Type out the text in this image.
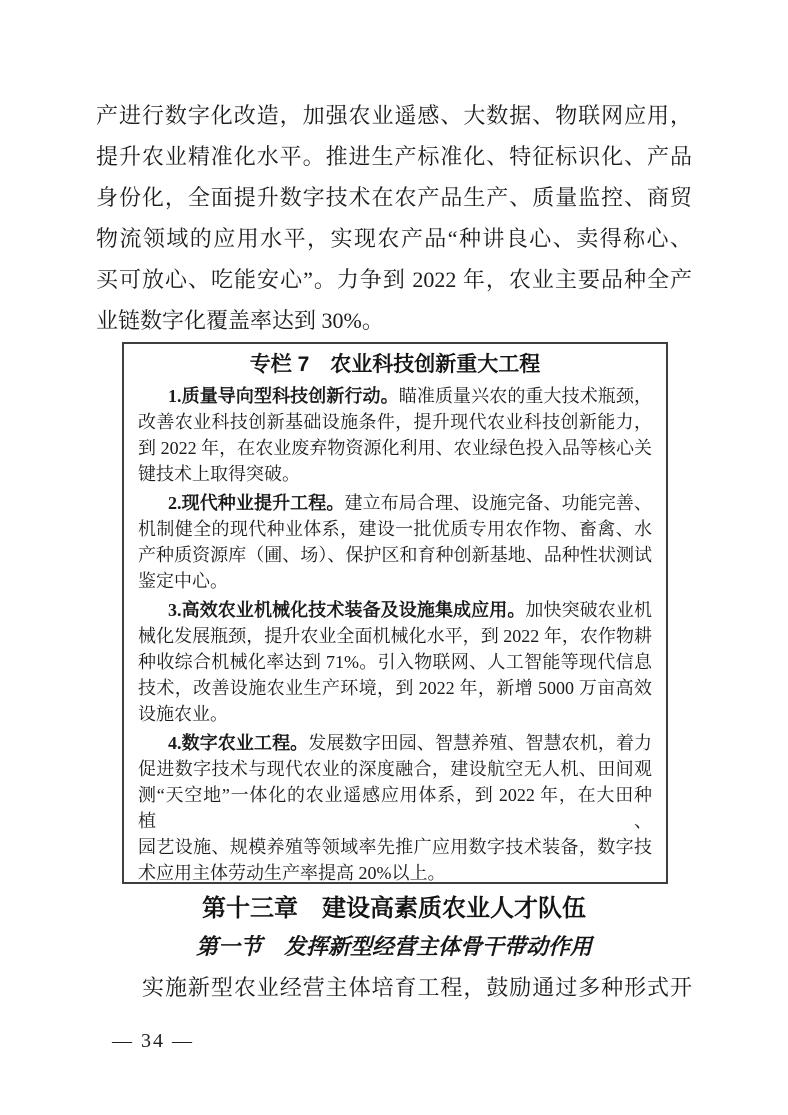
产进行数字化改造，加强农业遥感、大数据、物联网应用，
提升农业精准化水平。推进生产标准化、特征标识化、产品
身份化，全面提升数字技术在农产品生产、质量监控、商贸
物流领域的应用水平，实现农产品“种讲良心、卖得称心、
买可放心、吃能安心”。力争到 2022 年，农业主要品种全产
业链数字化覆盖率达到 30%。
专栏 7　农业科技创新重大工程
1.质量导向型科技创新行动。瞄准质量兴农的重大技术瓶颈，
改善农业科技创新基础设施条件，提升现代农业科技创新能力，
到 2022 年，在农业废弃物资源化利用、农业绿色投入品等核心关
键技术上取得突破。
2.现代种业提升工程。建立布局合理、设施完备、功能完善、
机制健全的现代种业体系，建设一批优质专用农作物、畜禽、水
产种质资源库（圃、场）、保护区和育种创新基地、品种性状测试
鉴定中心。
3.高效农业机械化技术装备及设施集成应用。加快突破农业机
械化发展瓶颈，提升农业全面机械化水平，到 2022 年，农作物耕
种收综合机械化率达到 71%。引入物联网、人工智能等现代信息
技术，改善设施农业生产环境，到 2022 年，新增 5000 万亩高效
设施农业。
4.数字农业工程。发展数字田园、智慧养殖、智慧农机，着力
促进数字技术与现代农业的深度融合，建设航空无人机、田间观
测“天空地”一体化的农业遥感应用体系，到 2022 年，在大田种植、
园艺设施、规模养殖等领域率先推广应用数字技术装备，数字技
术应用主体劳动生产率提高 20%以上。
第十三章　建设高素质农业人才队伍
第一节　发挥新型经营主体骨干带动作用
实施新型农业经营主体培育工程，鼓励通过多种形式开
— 34 —
